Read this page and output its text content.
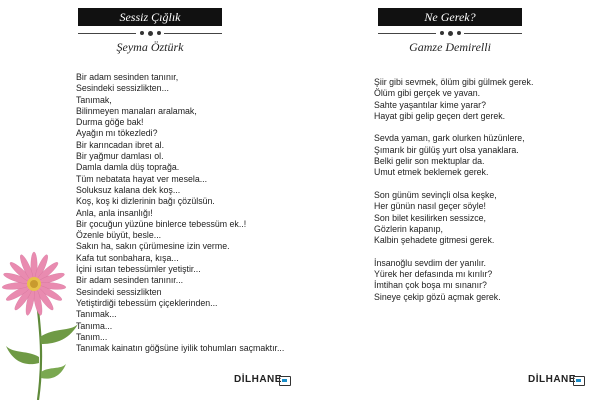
Sessiz Çığlık
Şeyma Öztürk
Bir adam sesinden tanınır,
Sesindeki sessizlikten...
Tanımak,
Bilinmeyen manaları aralamak,
Durma göğe bak!
Ayağın mı tökezledi?
Bir karıncadan ibret al.
Bir yağmur damlası ol.
Damla damla düş toprağa.
Tüm nebatata hayat ver mesela...
Soluksuz kalana dek koş...
Koş, koş ki dizlerinin bağı çözülsün.
Anla, anla insanlığı!
Bir çocuğun yüzüne binlerce tebessüm ek..!
Özenle büyüt, besle...
Sakın ha, sakın çürümesine izin verme.
Kafa tut sonbahara, kışa...
İçini ısıtan tebessümler yetiştir...
Bir adam sesinden tanınır...
Sesindeki sessizlikten
Yetiştirdiği tebessüm çiçeklerinden...
Tanımak...
Tanıma...
Tanım...
Tanımak kainatın göğsüne iyilik tohumları saçmaktır...
DİLHANE
Ne Gerek?
Gamze Demirelli
Şiir gibi sevmek, ölüm gibi gülmek gerek.
Ölüm gibi gerçek ve yavan.
Sahte yaşantılar kime yarar?
Hayat gibi gelip geçen dert gerek.
Sevda yaman, gark olurken hüzünlere,
Şımarık bir gülüş yurt olsa yanaklara.
Belki gelir son mektuplar da.
Umut etmek beklemek gerek.
Son günüm sevinçli olsa keşke,
Her günün nasıl geçer söyle!
Son bilet kesilirken sessizce,
Gözlerin kapanıp,
Kalbin şehadete gitmesi gerek.
İnsanoğlu sevdim der yanılır.
Yürek her defasında mı kırılır?
İmtihan çok boşa mı sınanır?
Sineye çekip gözü açmak gerek.
DİLHANE
